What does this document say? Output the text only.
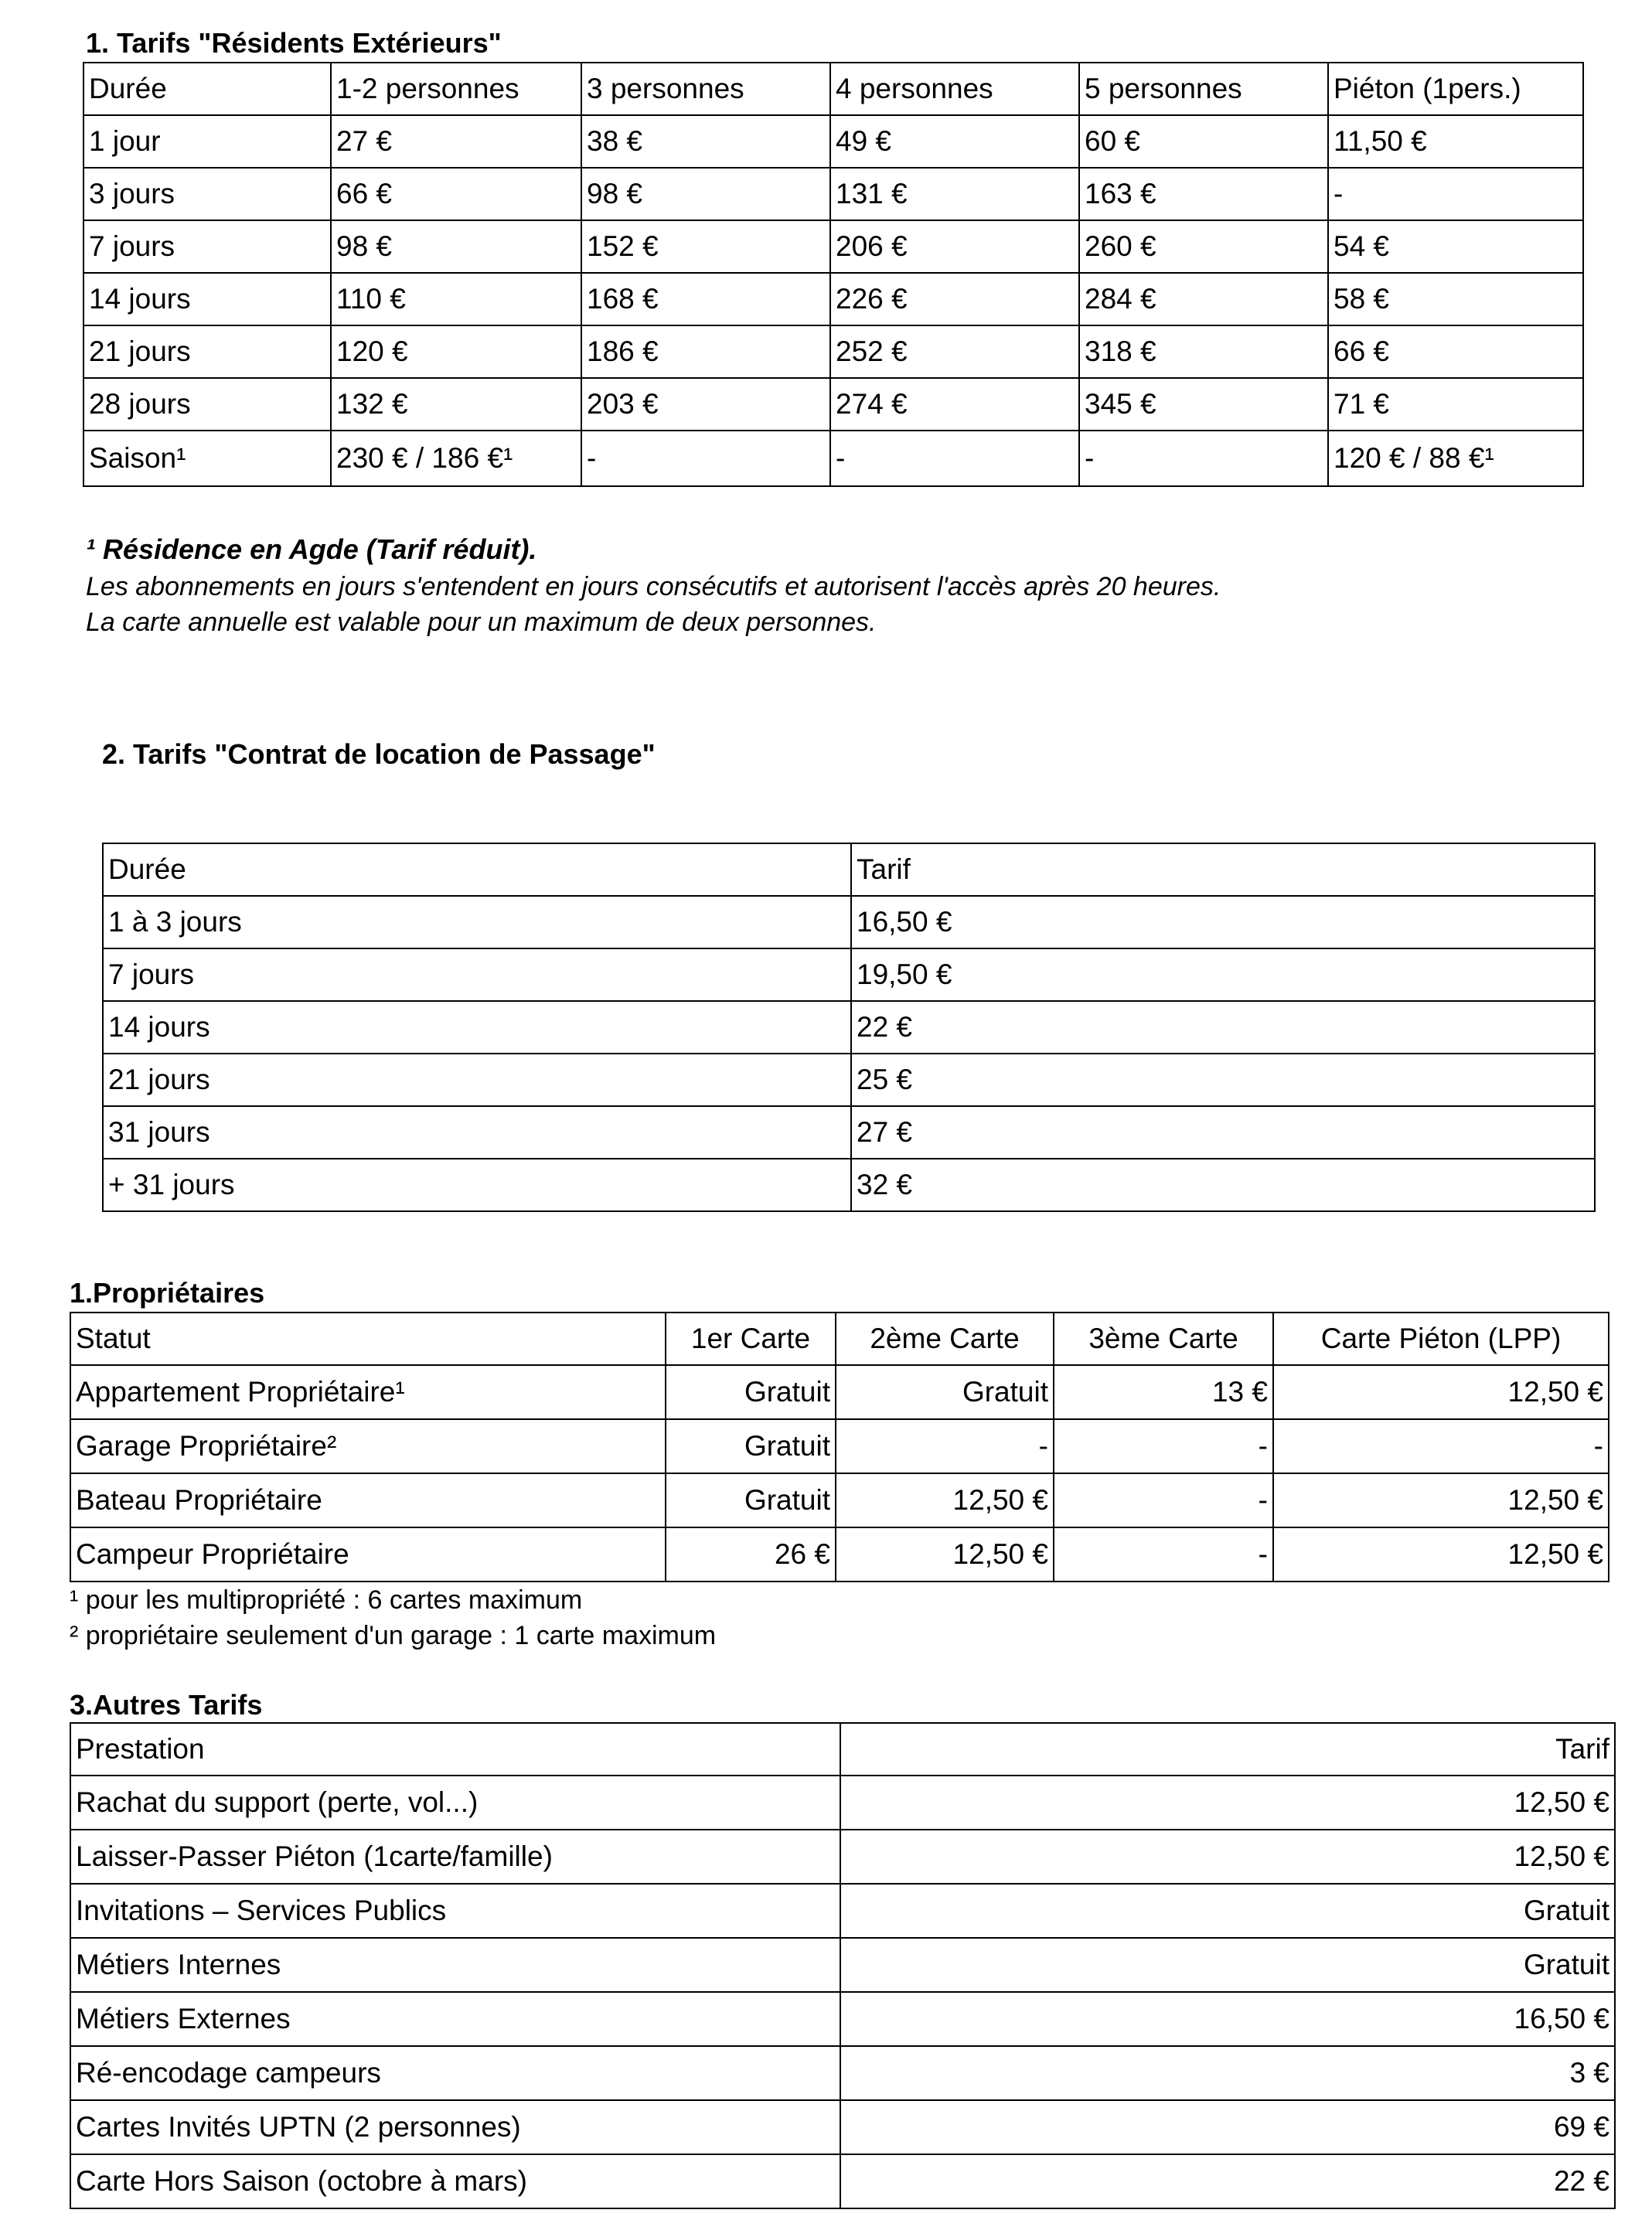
1. Tarifs "Résidents Extérieurs"
Durée	1-2 personnes	3 personnes	4 personnes	5 personnes	Piéton (1pers.)
1 jour	27 €	38 €	49 €	60 €	11,50 €
3 jours	66 €	98 €	131 €	163 €	-
7 jours	98 €	152 €	206 €	260 €	54 €
14 jours	110 €	168 €	226 €	284 €	58 €
21 jours	120 €	186 €	252 €	318 €	66 €
28 jours	132 €	203 €	274 €	345 €	71 €
Saison¹	230 € / 186 €¹	-	-	-	120 € / 88 €¹
¹ Résidence en Agde (Tarif réduit).
Les abonnements en jours s'entendent en jours consécutifs et autorisent l'accès après 20 heures.
La carte annuelle est valable pour un maximum de deux personnes.
2. Tarifs "Contrat de location de Passage"
Durée	Tarif
1 à 3 jours	16,50 €
7 jours	19,50 €
14 jours	22 €
21 jours	25 €
31 jours	27 €
+ 31 jours	32 €
1.Propriétaires
Statut	1er Carte	2ème Carte	3ème Carte	Carte Piéton (LPP)
Appartement Propriétaire¹	Gratuit	Gratuit	13 €	12,50 €
Garage Propriétaire²	Gratuit	-	-	-
Bateau Propriétaire	Gratuit	12,50 €	-	12,50 €
Campeur Propriétaire	26 €	12,50 €	-	12,50 €
¹ pour les multipropriété : 6 cartes maximum
² propriétaire seulement d'un garage : 1 carte maximum
3.Autres Tarifs
Prestation	Tarif
Rachat du support (perte, vol...)	12,50 €
Laisser-Passer Piéton (1carte/famille)	12,50 €
Invitations – Services Publics	Gratuit
Métiers Internes	Gratuit
Métiers Externes	16,50 €
Ré-encodage campeurs	3 €
Cartes Invités UPTN (2 personnes)	69 €
Carte Hors Saison (octobre à mars)	22 €
